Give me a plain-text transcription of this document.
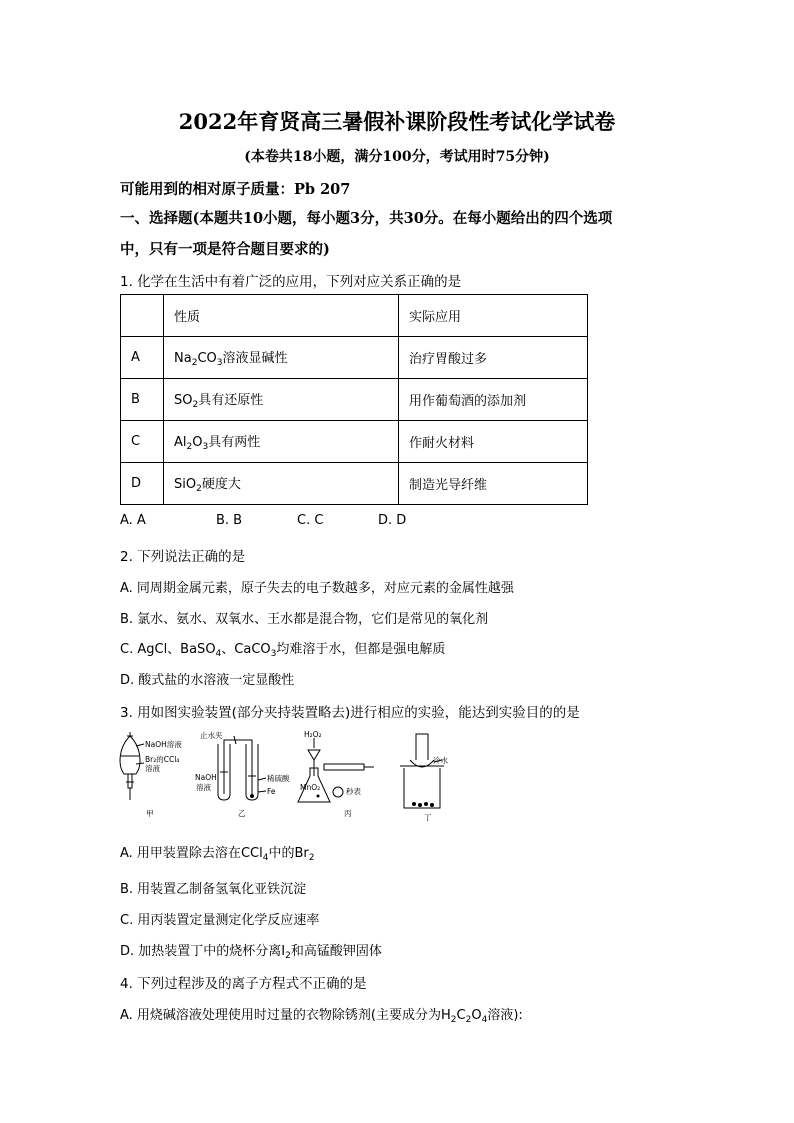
2022年育贤高三暑假补课阶段性考试化学试卷
(本卷共18小题，满分100分，考试用时75分钟)
可能用到的相对原子质量：Pb 207
一、选择题(本题共10小题，每小题3分，共30分。在每小题给出的四个选项
中，只有一项是符合题目要求的)
1. 化学在生活中有着广泛的应用，下列对应关系正确的是
	性质	实际应用
A	$Na_2CO_3$溶液显碱性	治疗胃酸过多
B	$SO_2$具有还原性	用作葡萄酒的添加剂
C	$Al_2O_3$具有两性	作耐火材料
D	SiO$_2$硬度大	制造光导纤维
A. A	B. B	C. C	D. D
2. 下列说法正确的是
A. 同周期金属元素，原子失去的电子数越多，对应元素的金属性越强
B. 氯水、氨水、双氧水、王水都是混合物，它们是常见的氧化剂
C. AgCl、BaSO$_4$、CaCO$_3$均难溶于水，但都是强电解质
D. 酸式盐的水溶液一定显酸性
3. 用如图实验装置(部分夹持装置略去)进行相应的实验，能达到实验目的的是
NaOH溶液
Br₂的CCl₄
溶液
甲
止水夹
NaOH
溶液
稀硫酸
Fe
乙
H₂O₂
MnO₂	秒表
丙
冷水
丁
A. 用甲装置除去溶在CCl$_4$中的$Br_2$
B. 用装置乙制备氢氧化亚铁沉淀
C. 用丙装置定量测定化学反应速率
D. 加热装置丁中的烧杯分离$I_2$和高锰酸钾固体
4. 下列过程涉及的离子方程式不正确的是
A. 用烧碱溶液处理使用时过量的衣物除锈剂(主要成分为$H_2C_2O_4$溶液):
